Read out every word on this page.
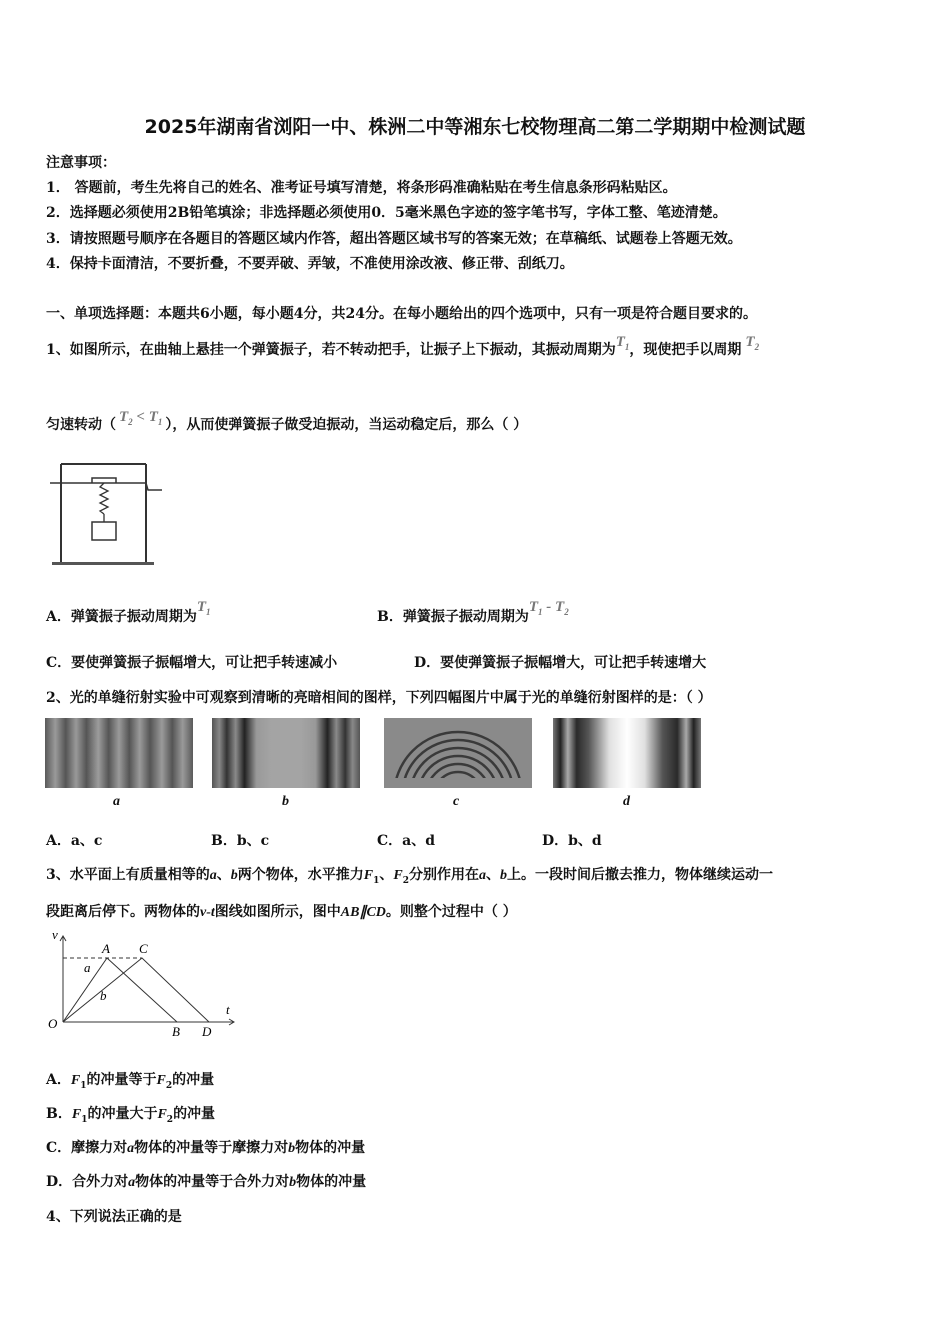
2025年湖南省浏阳一中、株洲二中等湘东七校物理高二第二学期期中检测试题
注意事项：
1． 答题前，考生先将自己的姓名、准考证号填写清楚，将条形码准确粘贴在考生信息条形码粘贴区。
2．选择题必须使用2B铅笔填涂；非选择题必须使用0．5毫米黑色字迹的签字笔书写，字体工整、笔迹清楚。
3．请按照题号顺序在各题目的答题区域内作答，超出答题区域书写的答案无效；在草稿纸、试题卷上答题无效。
4．保持卡面清洁，不要折叠，不要弄破、弄皱，不准使用涂改液、修正带、刮纸刀。
一、单项选择题：本题共6小题，每小题4分，共24分。在每小题给出的四个选项中，只有一项是符合题目要求的。
1、如图所示，在曲轴上悬挂一个弹簧振子，若不转动把手，让振子上下振动，其振动周期为$T_1$，现使把手以周期 $T_2$
匀速转动（ $T_2 < T_1$ ），从而使弹簧振子做受迫振动，当运动稳定后，那么（ ）
A．弹簧振子振动周期为$T_1$	B．弹簧振子振动周期为$T_1 - T_2$
C．要使弹簧振子振幅增大，可让把手转速减小	D．要使弹簧振子振幅增大，可让把手转速增大
2、光的单缝衍射实验中可观察到清晰的亮暗相间的图样，下列四幅图片中属于光的单缝衍射图样的是：（ ）
a	b	c	d
A．a、c	B．b、c	C．a、d	D．b、d
3、水平面上有质量相等的a、b两个物体，水平推力$F_1$、$F_2$分别作用在a、b上。一段时间后撤去推力，物体继续运动一
段距离后停下。两物体的v-t图线如图所示，图中AB∥CD。则整个过程中（ ）
v
t
O
A C
B D
a
b
A．$F_1$的冲量等于$F_2$的冲量
B．$F_1$的冲量大于$F_2$的冲量
C．摩擦力对a物体的冲量等于摩擦力对b物体的冲量
D．合外力对a物体的冲量等于合外力对b物体的冲量
4、下列说法正确的是
